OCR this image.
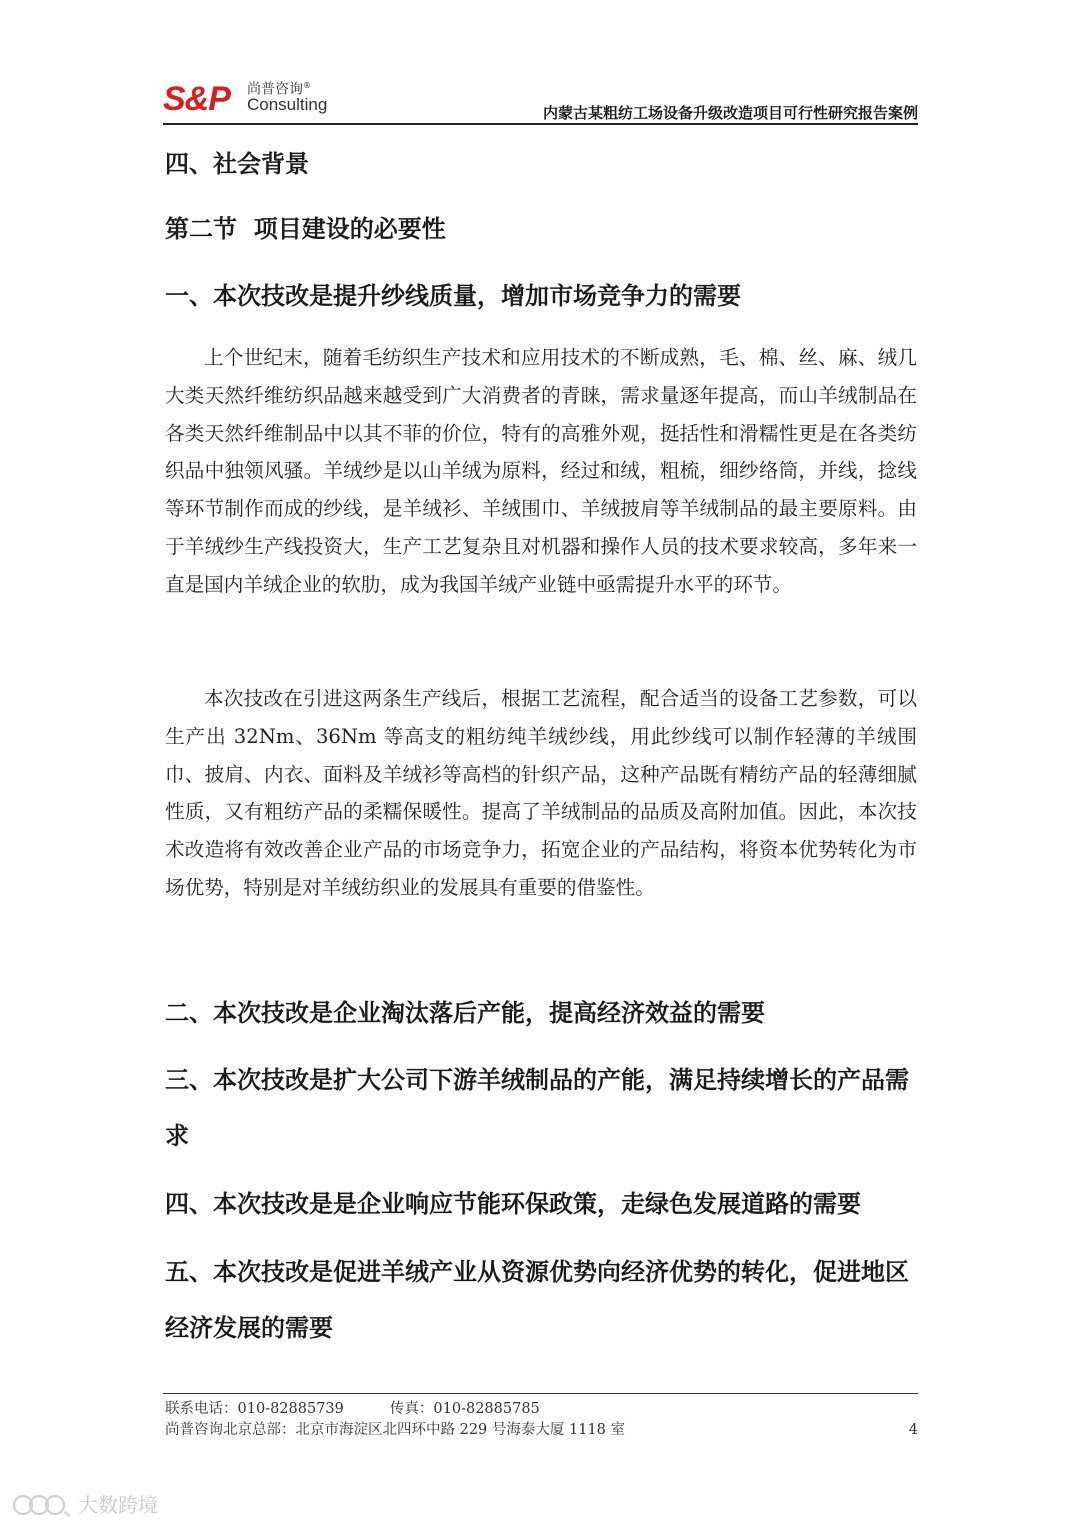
S&P 尚普咨询®
Consulting	内蒙古某粗纺工场设备升级改造项目可行性研究报告案例
四、社会背景
第二节  项目建设的必要性
一、本次技改是提升纱线质量，增加市场竞争力的需要

上个世纪末，随着毛纺织生产技术和应用技术的不断成熟，毛、棉、丝、麻、绒几大类天然纤维纺织品越来越受到广大消费者的青睐，需求量逐年提高，而山羊绒制品在各类天然纤维制品中以其不菲的价位，特有的高雅外观，挺括性和滑糯性更是在各类纺织品中独领风骚。羊绒纱是以山羊绒为原料，经过和绒，粗梳，细纱络筒，并线，捻线等环节制作而成的纱线，是羊绒衫、羊绒围巾、羊绒披肩等羊绒制品的最主要原料。由于羊绒纱生产线投资大，生产工艺复杂且对机器和操作人员的技术要求较高，多年来一直是国内羊绒企业的软肋，成为我国羊绒产业链中亟需提升水平的环节。

本次技改在引进这两条生产线后，根据工艺流程，配合适当的设备工艺参数，可以生产出 32Nm、36Nm 等高支的粗纺纯羊绒纱线，用此纱线可以制作轻薄的羊绒围巾、披肩、内衣、面料及羊绒衫等高档的针织产品，这种产品既有精纺产品的轻薄细腻性质，又有粗纺产品的柔糯保暖性。提高了羊绒制品的品质及高附加值。因此，本次技术改造将有效改善企业产品的市场竞争力，拓宽企业的产品结构，将资本优势转化为市场优势，特别是对羊绒纺织业的发展具有重要的借鉴性。

二、本次技改是企业淘汰落后产能，提高经济效益的需要
三、本次技改是扩大公司下游羊绒制品的产能，满足持续增长的产品需求
四、本次技改是是企业响应节能环保政策，走绿色发展道路的需要
五、本次技改是促进羊绒产业从资源优势向经济优势的转化，促进地区经济发展的需要
联系电话：010-82885739	传真：010-82885785
尚普咨询北京总部：北京市海淀区北四环中路 229 号海泰大厦 1118 室	4
大数跨境
